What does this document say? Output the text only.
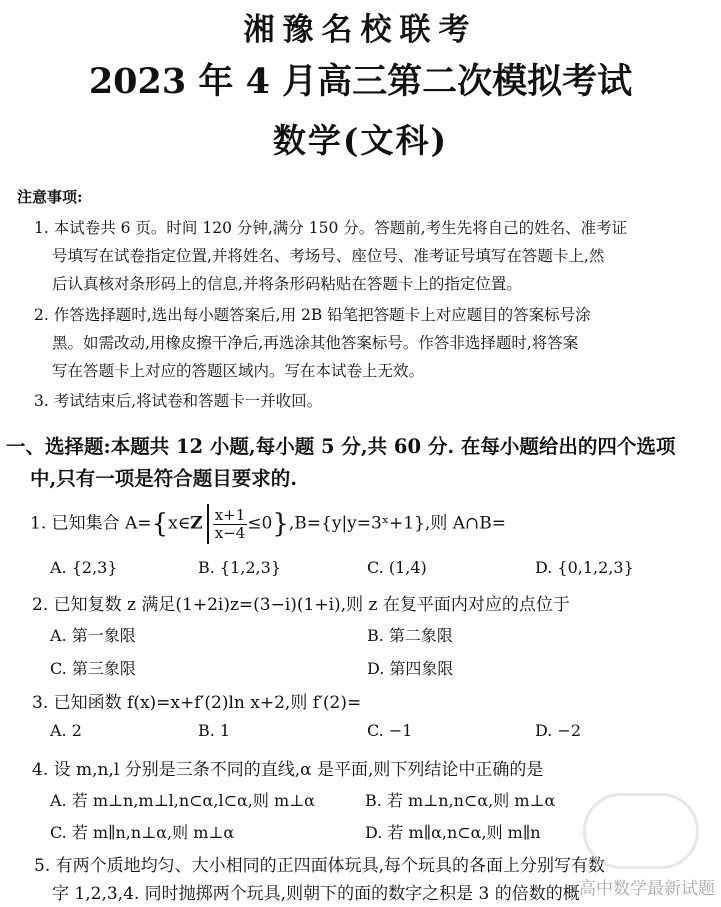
湘豫名校联考
2023 年 4 月高三第二次模拟考试
数学(文科)
注意事项:
1. 本试卷共 6 页。时间 120 分钟,满分 150 分。答题前,考生先将自己的姓名、准考证
号填写在试卷指定位置,并将姓名、考场号、座位号、准考证号填写在答题卡上,然
后认真核对条形码上的信息,并将条形码粘贴在答题卡上的指定位置。
2. 作答选择题时,选出每小题答案后,用 2B 铅笔把答题卡上对应题目的答案标号涂
黑。如需改动,用橡皮擦干净后,再选涂其他答案标号。作答非选择题时,将答案
写在答题卡上对应的答题区域内。写在本试卷上无效。
3. 考试结束后,将试卷和答题卡一并收回。
一、选择题:本题共 12 小题,每小题 5 分,共 60 分. 在每小题给出的四个选项
中,只有一项是符合题目要求的.
1. 已知集合 A={x∈Z $\frac{x+1}{x-4}$ ≤0},B={y|y=3ˣ+1},则 A∩B=
A. {2,3}	B. {1,2,3}	C. (1,4)	D. {0,1,2,3}
2. 已知复数 z 满足(1+2i)z=(3−i)(1+i),则 z 在复平面内对应的点位于
A. 第一象限	B. 第二象限
C. 第三象限	D. 第四象限
3. 已知函数 f(x)=x+f′(2)ln x+2,则 f′(2)=
A. 2	B. 1	C. −1	D. −2
4. 设 m,n,l 分别是三条不同的直线,α 是平面,则下列结论中正确的是
A. 若 m⊥n,m⊥l,n⊂α,l⊂α,则 m⊥α	B. 若 m⊥n,n⊂α,则 m⊥α
C. 若 m∥n,n⊥α,则 m⊥α	D. 若 m∥α,n⊂α,则 m∥n
5. 有两个质地均匀、大小相同的正四面体玩具,每个玩具的各面上分别写有数
字 1,2,3,4. 同时抛掷两个玩具,则朝下的面的数字之积是 3 的倍数的概 高中数学最新试题
